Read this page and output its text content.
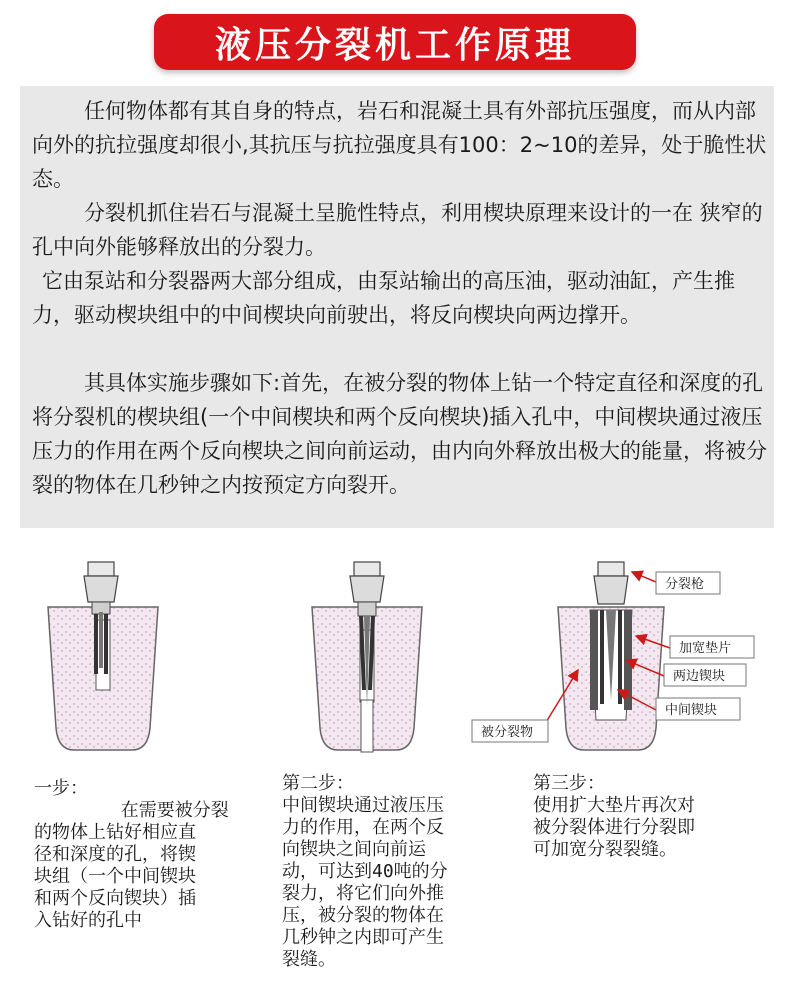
液压分裂机工作原理

任何物体都有其自身的特点，岩石和混凝土具有外部抗压强度，而从内部向外的抗拉强度却很小,其抗压与抗拉强度具有100：2~10的差异，处于脆性状态。

分裂机抓住岩石与混凝土呈脆性特点，利用楔块原理来设计的一在 狭窄的孔中向外能够释放出的分裂力。

它由泵站和分裂器两大部分组成，由泵站输出的高压油，驱动油缸，产生推力，驱动楔块组中的中间楔块向前驶出，将反向楔块向两边撑开。

其具体实施步骤如下:首先，在被分裂的物体上钻一个特定直径和深度的孔将分裂机的楔块组(一个中间楔块和两个反向楔块)插入孔中，中间楔块通过液压压力的作用在两个反向楔块之间向前运动，由内向外释放出极大的能量，将被分裂的物体在几秒钟之内按预定方向裂开。

分裂枪
加宽垫片
两边锲块
中间锲块
被分裂物
一步：
在需要被分裂
的物体上钻好相应直
径和深度的孔，将锲
块组（一个中间锲块
和两个反向锲块）插
入钻好的孔中
第二步：
中间锲块通过液压压
力的作用，在两个反
向锲块之间向前运
动，可达到40吨的分
裂力，将它们向外推
压，被分裂的物体在
几秒钟之内即可产生
裂缝。
第三步：
使用扩大垫片再次对
被分裂体进行分裂即
可加宽分裂裂缝。
